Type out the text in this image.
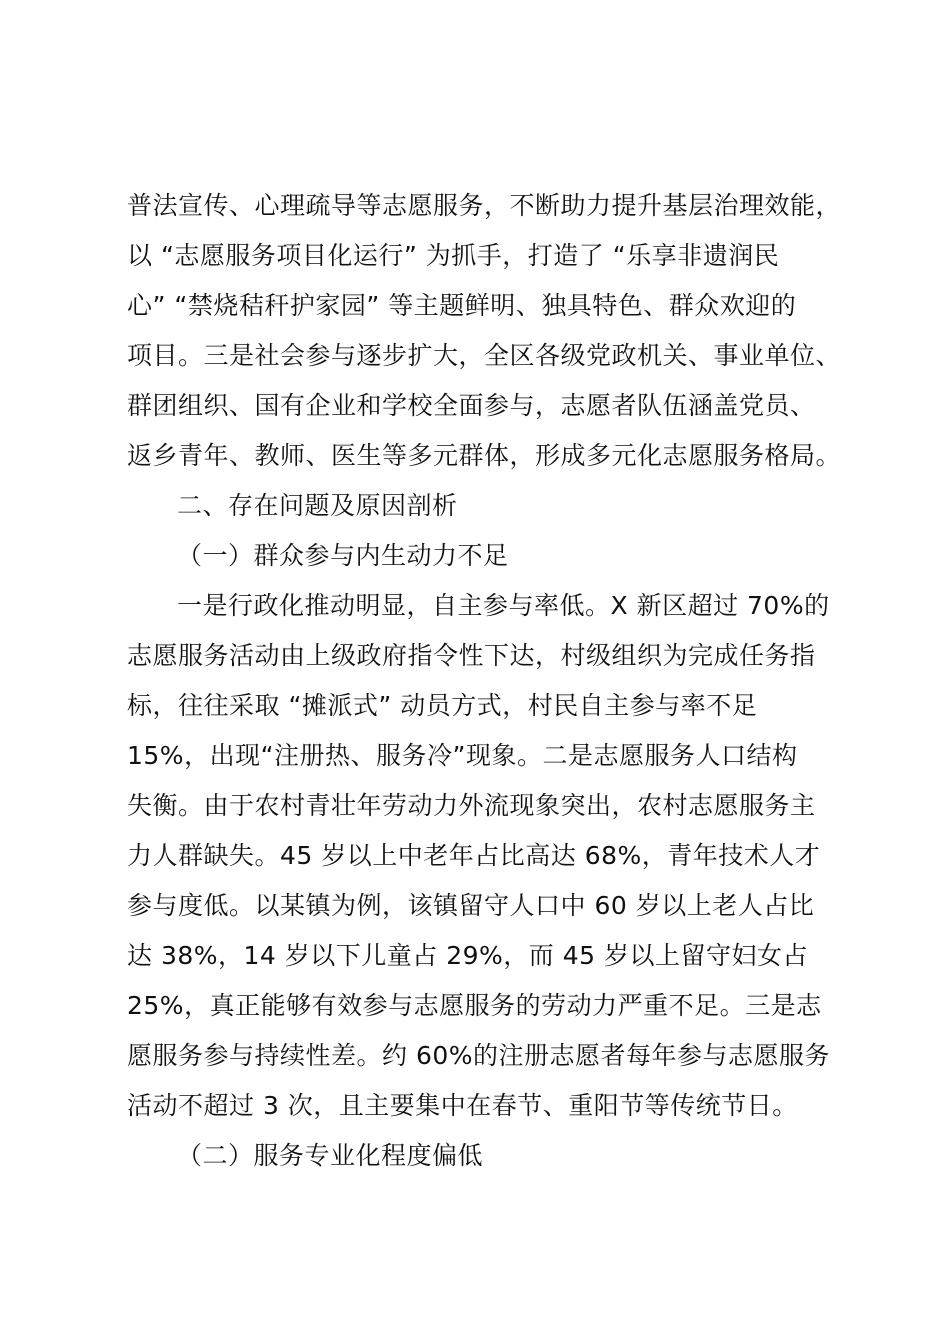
普法宣传、心理疏导等志愿服务，不断助力提升基层治理效能，
以 “志愿服务项目化运行” 为抓手，打造了 “乐享非遗润民
心” “禁烧秸秆护家园” 等主题鲜明、独具特色、群众欢迎的
项目。三是社会参与逐步扩大，全区各级党政机关、事业单位、
群团组织、国有企业和学校全面参与，志愿者队伍涵盖党员、
返乡青年、教师、医生等多元群体，形成多元化志愿服务格局。
二、存在问题及原因剖析
（一）群众参与内生动力不足
一是行政化推动明显，自主参与率低。X 新区超过 70%的
志愿服务活动由上级政府指令性下达，村级组织为完成任务指
标，往往采取 “摊派式” 动员方式，村民自主参与率不足
15%，出现“注册热、服务冷”现象。二是志愿服务人口结构
失衡。由于农村青壮年劳动力外流现象突出，农村志愿服务主
力人群缺失。45 岁以上中老年占比高达 68%，青年技术人才
参与度低。以某镇为例，该镇留守人口中 60 岁以上老人占比
达 38%，14 岁以下儿童占 29%，而 45 岁以上留守妇女占
25%，真正能够有效参与志愿服务的劳动力严重不足。三是志
愿服务参与持续性差。约 60%的注册志愿者每年参与志愿服务
活动不超过 3 次，且主要集中在春节、重阳节等传统节日。
（二）服务专业化程度偏低
